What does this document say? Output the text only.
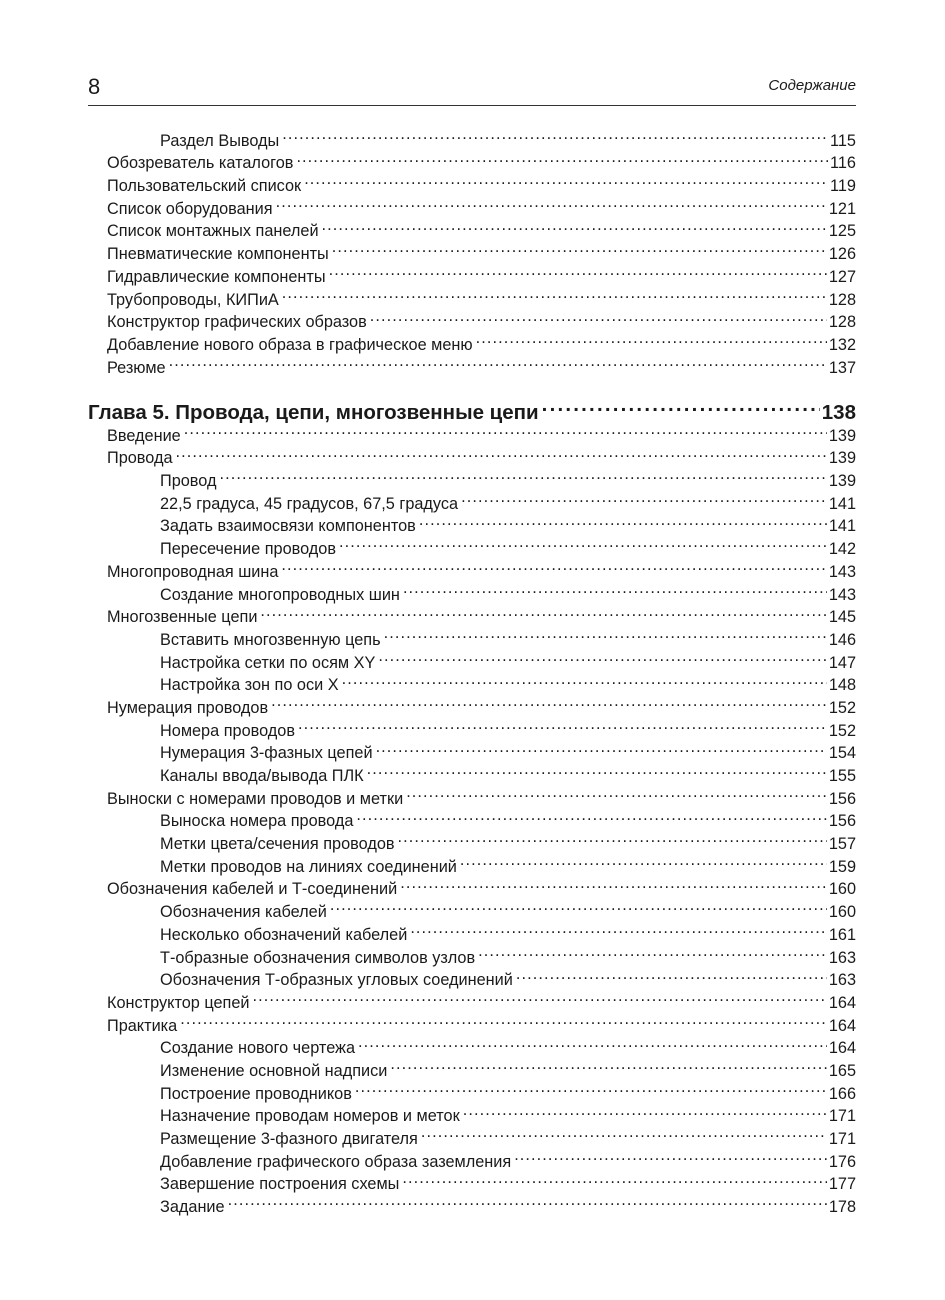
8	Содержание
Раздел Выводы .....	115
Обозреватель каталогов .....	116
Пользовательский список .....	119
Список оборудования .....	121
Список монтажных панелей .....	125
Пневматические компоненты .....	126
Гидравлические компоненты .....	127
Трубопроводы, КИПиА .....	128
Конструктор графических образов .....	128
Добавление нового образа в графическое меню .....	132
Резюме .....	137
Глава 5. Провода, цепи, многозвенные цепи .....	138
Введение .....	139
Провода .....	139
Провод .....	139
22,5 градуса, 45 градусов, 67,5 градуса .....	141
Задать взаимосвязи компонентов .....	141
Пересечение проводов .....	142
Многопроводная шина .....	143
Создание многопроводных шин .....	143
Многозвенные цепи .....	145
Вставить многозвенную цепь .....	146
Настройка сетки по осям XY .....	147
Настройка зон по оси X .....	148
Нумерация проводов .....	152
Номера проводов .....	152
Нумерация 3-фазных цепей .....	154
Каналы ввода/вывода ПЛК .....	155
Выноски с номерами проводов и метки .....	156
Выноска номера провода .....	156
Метки цвета/сечения проводов .....	157
Метки проводов на линиях соединений .....	159
Обозначения кабелей и Т-соединений .....	160
Обозначения кабелей .....	160
Несколько обозначений кабелей .....	161
Т-образные обозначения символов узлов .....	163
Обозначения Т-образных угловых соединений .....	163
Конструктор цепей .....	164
Практика .....	164
Создание нового чертежа .....	164
Изменение основной надписи .....	165
Построение проводников .....	166
Назначение проводам номеров и меток .....	171
Размещение 3-фазного двигателя .....	171
Добавление графического образа заземления .....	176
Завершение построения схемы .....	177
Задание .....	178
